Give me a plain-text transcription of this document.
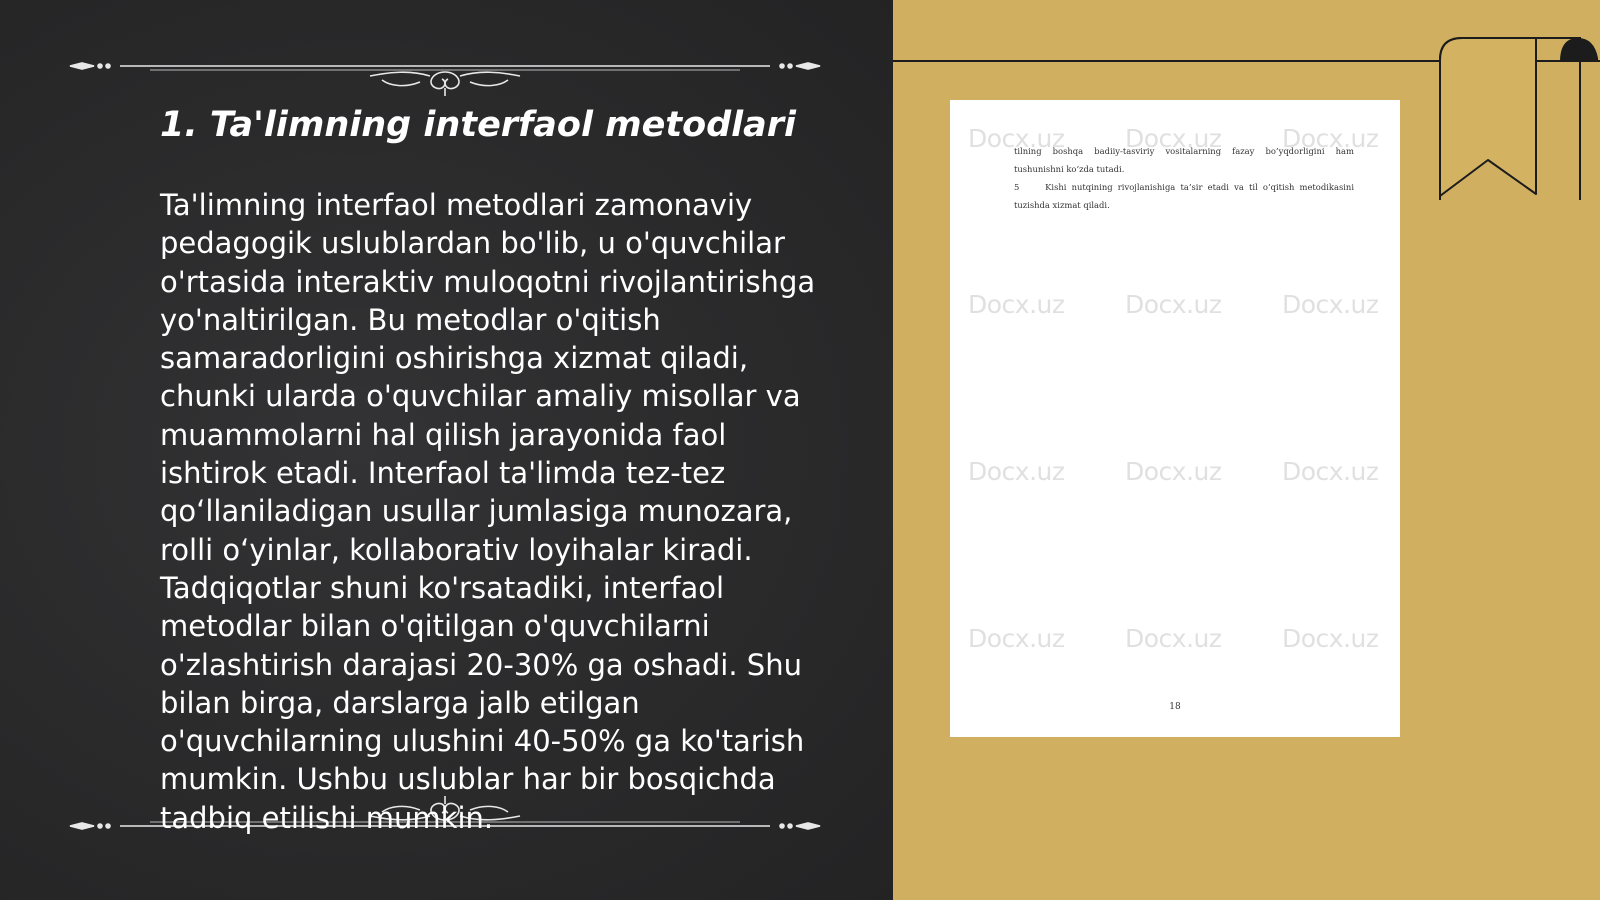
1. Ta'limning interfaol metodlari

Ta'limning interfaol metodlari zamonaviy pedagogik uslublardan bo'lib, u o'quvchilar o'rtasida interaktiv muloqotni rivojlantirishga yo'naltirilgan. Bu metodlar o'qitish samaradorligini oshirishga xizmat qiladi, chunki ularda o'quvchilar amaliy misollar va muammolarni hal qilish jarayonida faol ishtirok etadi. Interfaol ta'limda tez-tez qo‘llaniladigan usullar jumlasiga munozara, rolli o‘yinlar, kollaborativ loyihalar kiradi. Tadqiqotlar shuni ko'rsatadiki, interfaol metodlar bilan o'qitilgan o'quvchilarni o'zlashtirish darajasi 20-30% ga oshadi. Shu bilan birga, darslarga jalb etilgan o'quvchilarning ulushini 40-50% ga ko'tarish mumkin. Ushbu uslublar har bir bosqichda tadbiq etilishi mumkin.

Docx.uz Docx.uz Docx.uz
Docx.uz Docx.uz Docx.uz
Docx.uz Docx.uz Docx.uz
Docx.uz Docx.uz Docx.uz

tilning boshqa badiiy-tasviriy vositalarning fazay bo’yqdorligini ham tushunishni ko’zda tutadi.

5	Kishi nutqining rivojlanishiga ta’sir etadi va til o’qitish metodikasini tuzishda xizmat qiladi.

18
